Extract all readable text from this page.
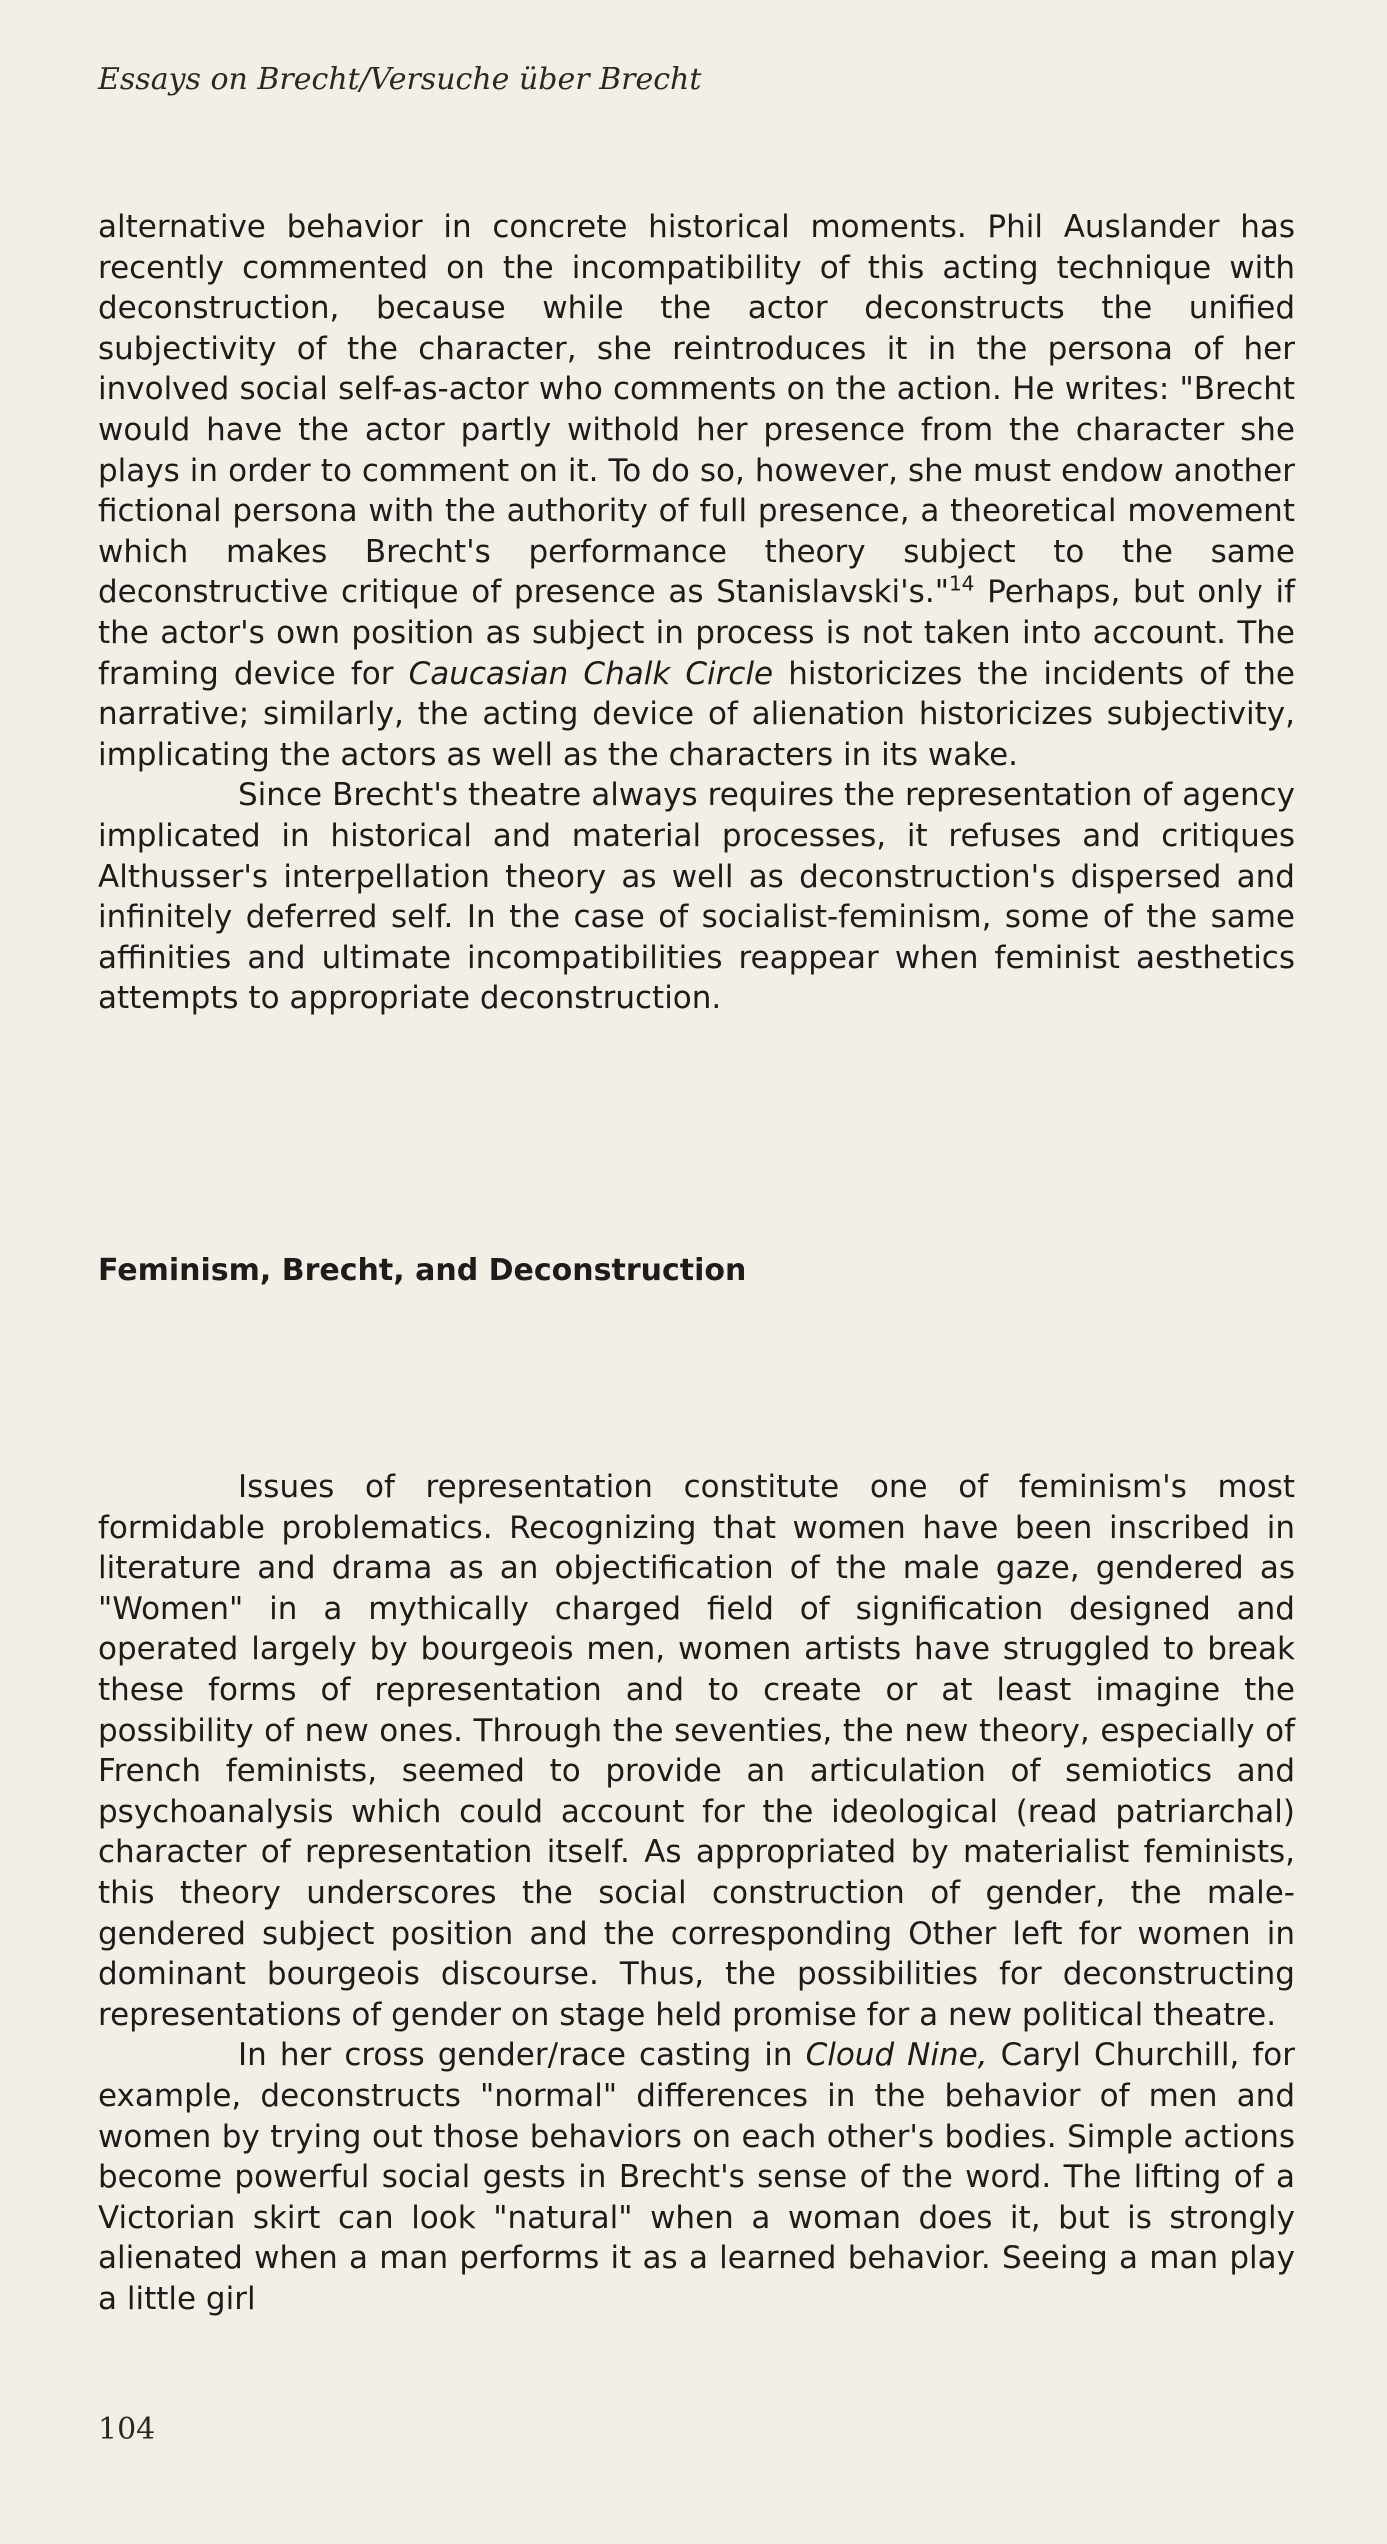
Essays on Brecht/Versuche über Brecht

alternative behavior in concrete historical moments. Phil Auslander has recently commented on the incompatibility of this acting technique with deconstruction, because while the actor deconstructs the unified subjectivity of the character, she reintroduces it in the persona of her involved social self-as-actor who comments on the action. He writes: "Brecht would have the actor partly withold her presence from the character she plays in order to comment on it. To do so, however, she must endow another fictional persona with the authority of full presence, a theoretical movement which makes Brecht's performance theory subject to the same deconstructive critique of presence as Stanislavski's."$^{14}$ Perhaps, but only if the actor's own position as subject in process is not taken into account. The framing device for Caucasian Chalk Circle historicizes the incidents of the narrative; similarly, the acting device of alienation historicizes subjectivity, implicating the actors as well as the characters in its wake.

Since Brecht's theatre always requires the representation of agency implicated in historical and material processes, it refuses and critiques Althusser's interpellation theory as well as deconstruction's dispersed and infinitely deferred self. In the case of socialist-feminism, some of the same affinities and ultimate incompatibilities reappear when feminist aesthetics attempts to appropriate deconstruction.

Feminism, Brecht, and Deconstruction

Issues of representation constitute one of feminism's most formidable problematics. Recognizing that women have been inscribed in literature and drama as an objectification of the male gaze, gendered as "Women" in a mythically charged field of signification designed and operated largely by bourgeois men, women artists have struggled to break these forms of representation and to create or at least imagine the possibility of new ones. Through the seventies, the new theory, especially of French feminists, seemed to provide an articulation of semiotics and psychoanalysis which could account for the ideological (read patriarchal) character of representation itself. As appropriated by materialist feminists, this theory underscores the social construction of gender, the male-gendered subject position and the corresponding Other left for women in dominant bourgeois discourse. Thus, the possibilities for deconstructing representations of gender on stage held promise for a new political theatre.

In her cross gender/race casting in Cloud Nine, Caryl Churchill, for example, deconstructs "normal" differences in the behavior of men and women by trying out those behaviors on each other's bodies. Simple actions become powerful social gests in Brecht's sense of the word. The lifting of a Victorian skirt can look "natural" when a woman does it, but is strongly alienated when a man performs it as a learned behavior. Seeing a man play a little girl

104
